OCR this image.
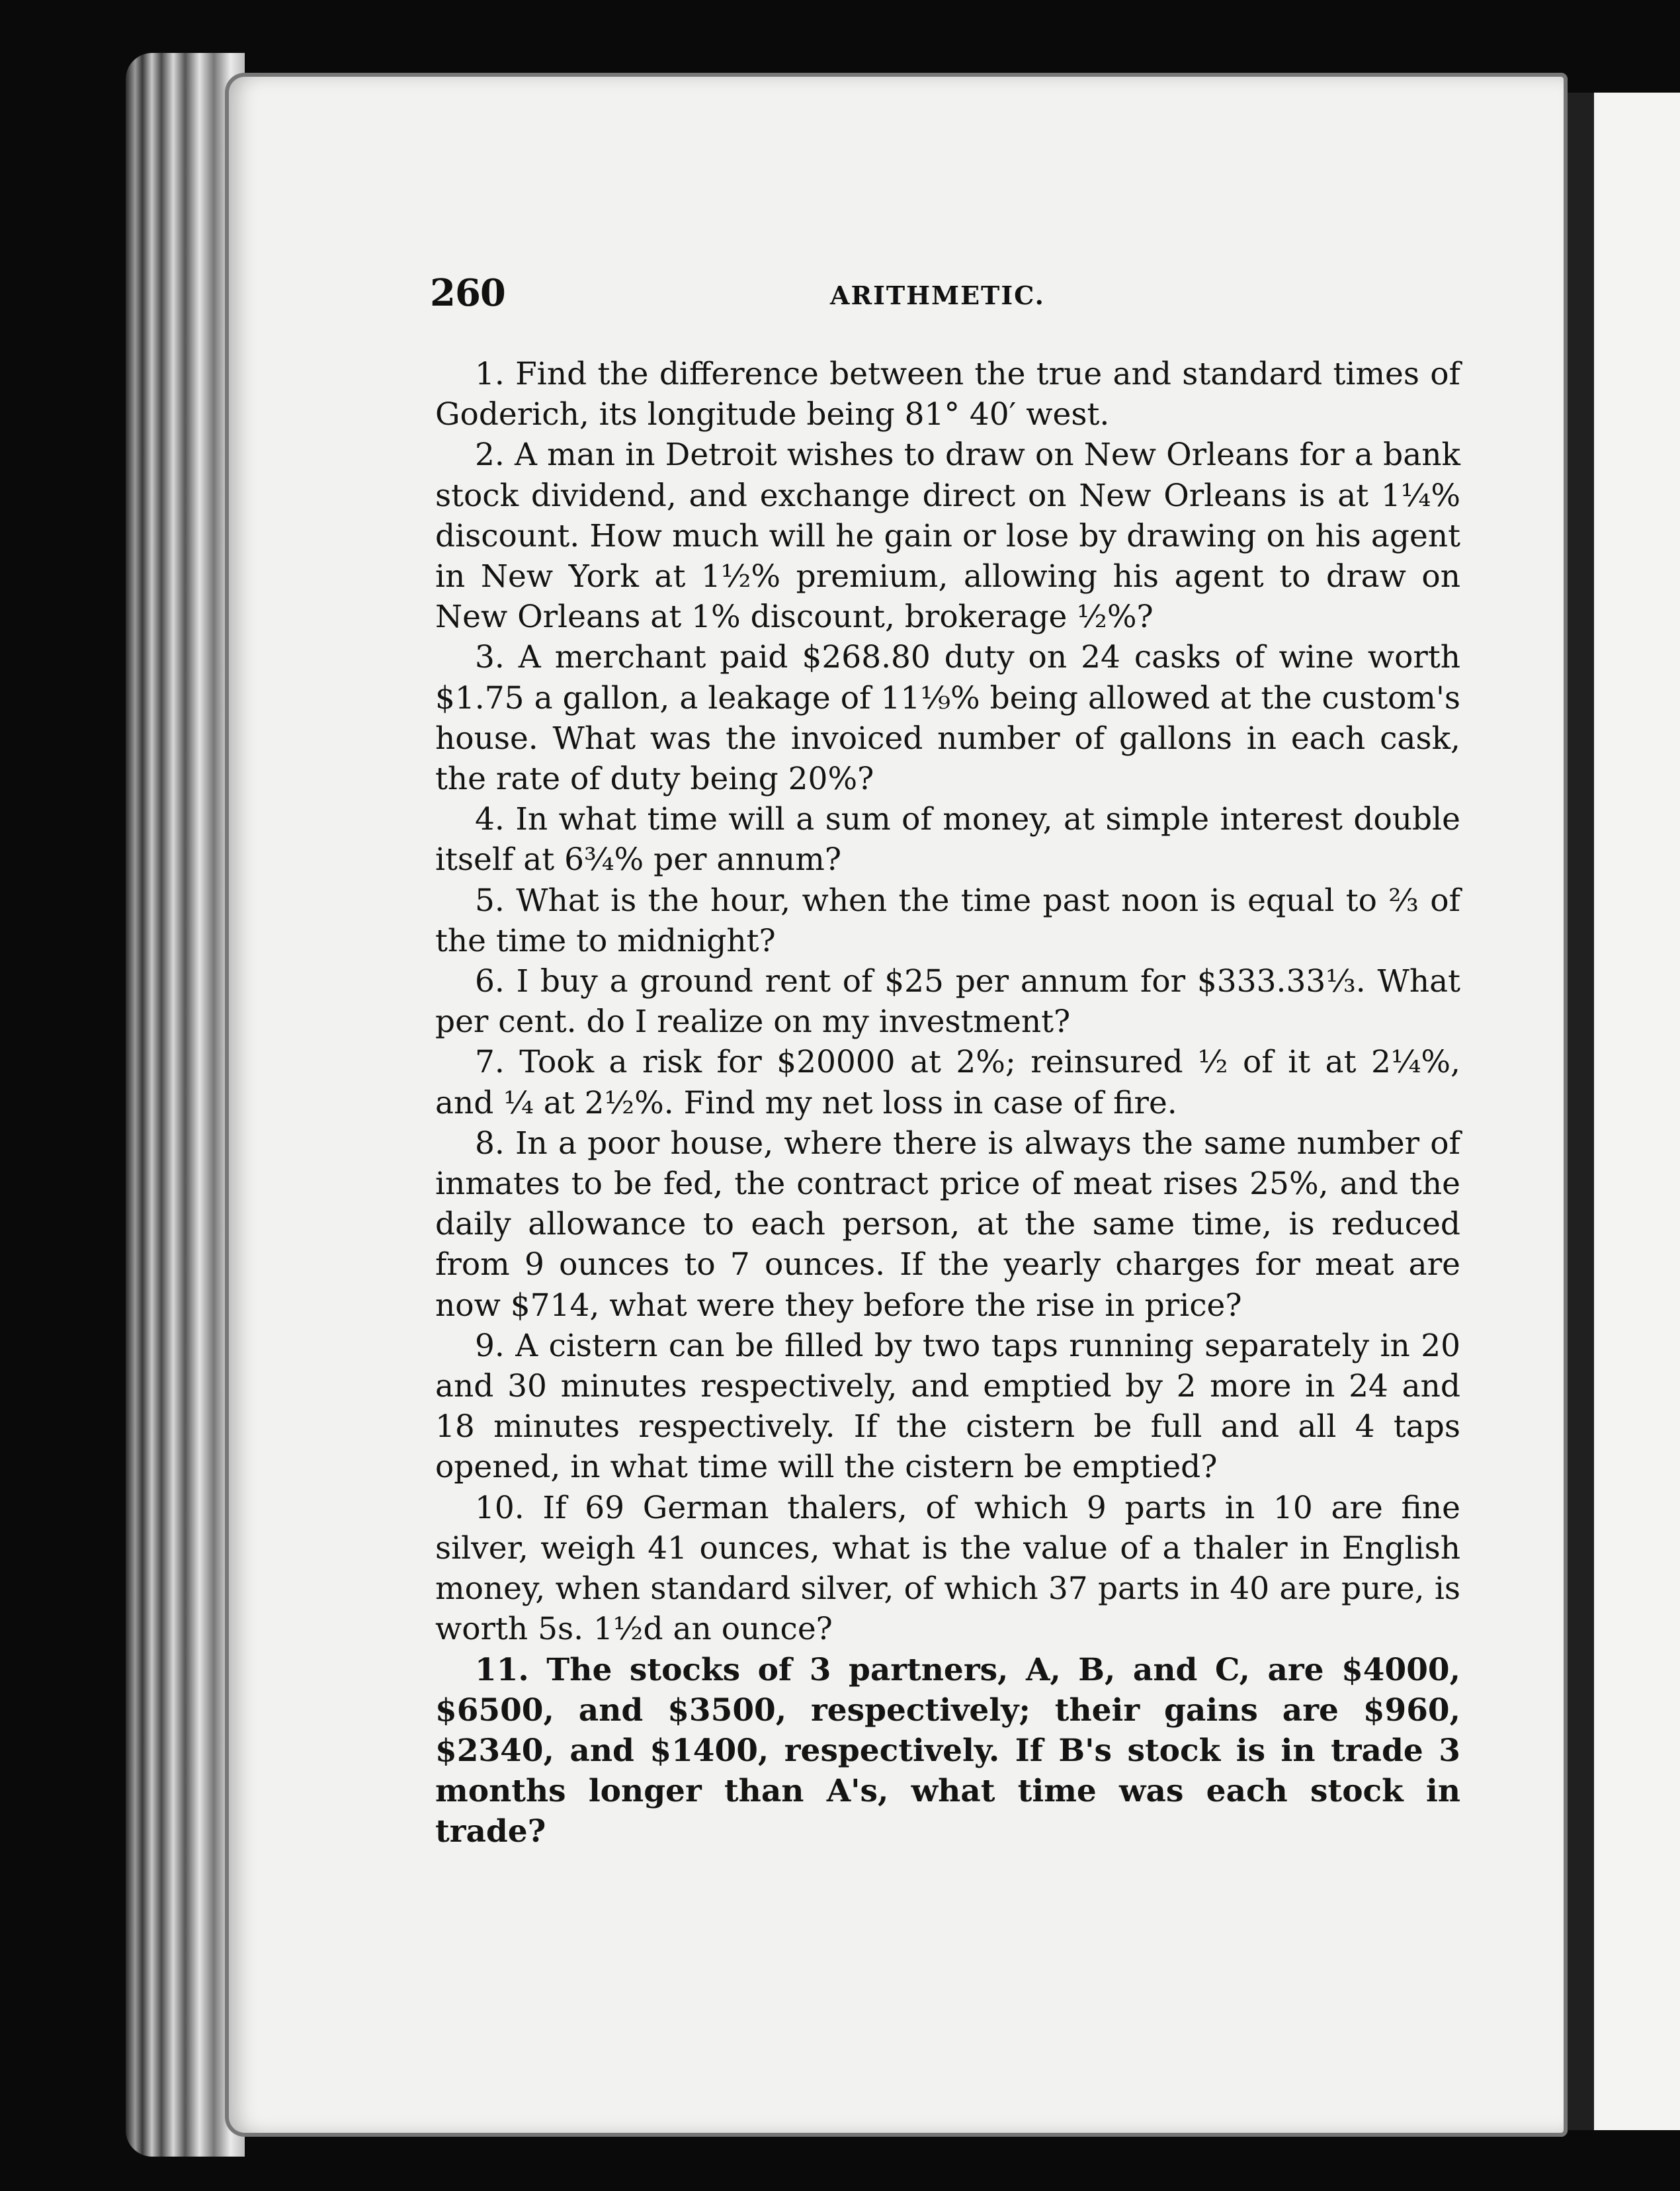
260	ARITHMETIC.

1. Find the difference between the true and standard times of Goderich, its longitude being 81° 40′ west.

2. A man in Detroit wishes to draw on New Orleans for a bank stock dividend, and exchange direct on New Orleans is at 1¼% discount. How much will he gain or lose by drawing on his agent in New York at 1½% premium, allowing his agent to draw on New Orleans at 1% discount, brokerage ½%?

3. A merchant paid $268.80 duty on 24 casks of wine worth $1.75 a gallon, a leakage of 11⅑% being allowed at the custom's house. What was the invoiced number of gallons in each cask, the rate of duty being 20%?

4. In what time will a sum of money, at simple interest double itself at 6¾% per annum?

5. What is the hour, when the time past noon is equal to ⅔ of the time to midnight?

6. I buy a ground rent of $25 per annum for $333.33⅓. What per cent. do I realize on my investment?

7. Took a risk for $20000 at 2%; reinsured ½ of it at 2¼%, and ¼ at 2½%. Find my net loss in case of fire.

8. In a poor house, where there is always the same number of inmates to be fed, the contract price of meat rises 25%, and the daily allowance to each person, at the same time, is reduced from 9 ounces to 7 ounces. If the yearly charges for meat are now $714, what were they before the rise in price?

9. A cistern can be filled by two taps running separately in 20 and 30 minutes respectively, and emptied by 2 more in 24 and 18 minutes respectively. If the cistern be full and all 4 taps opened, in what time will the cistern be emptied?

10. If 69 German thalers, of which 9 parts in 10 are fine silver, weigh 41 ounces, what is the value of a thaler in English money, when standard silver, of which 37 parts in 40 are pure, is worth 5s. 1½d an ounce?

11. The stocks of 3 partners, A, B, and C, are $4000, $6500, and $3500, respectively; their gains are $960, $2340, and $1400, respectively. If B's stock is in trade 3 months longer than A's, what time was each stock in trade?
